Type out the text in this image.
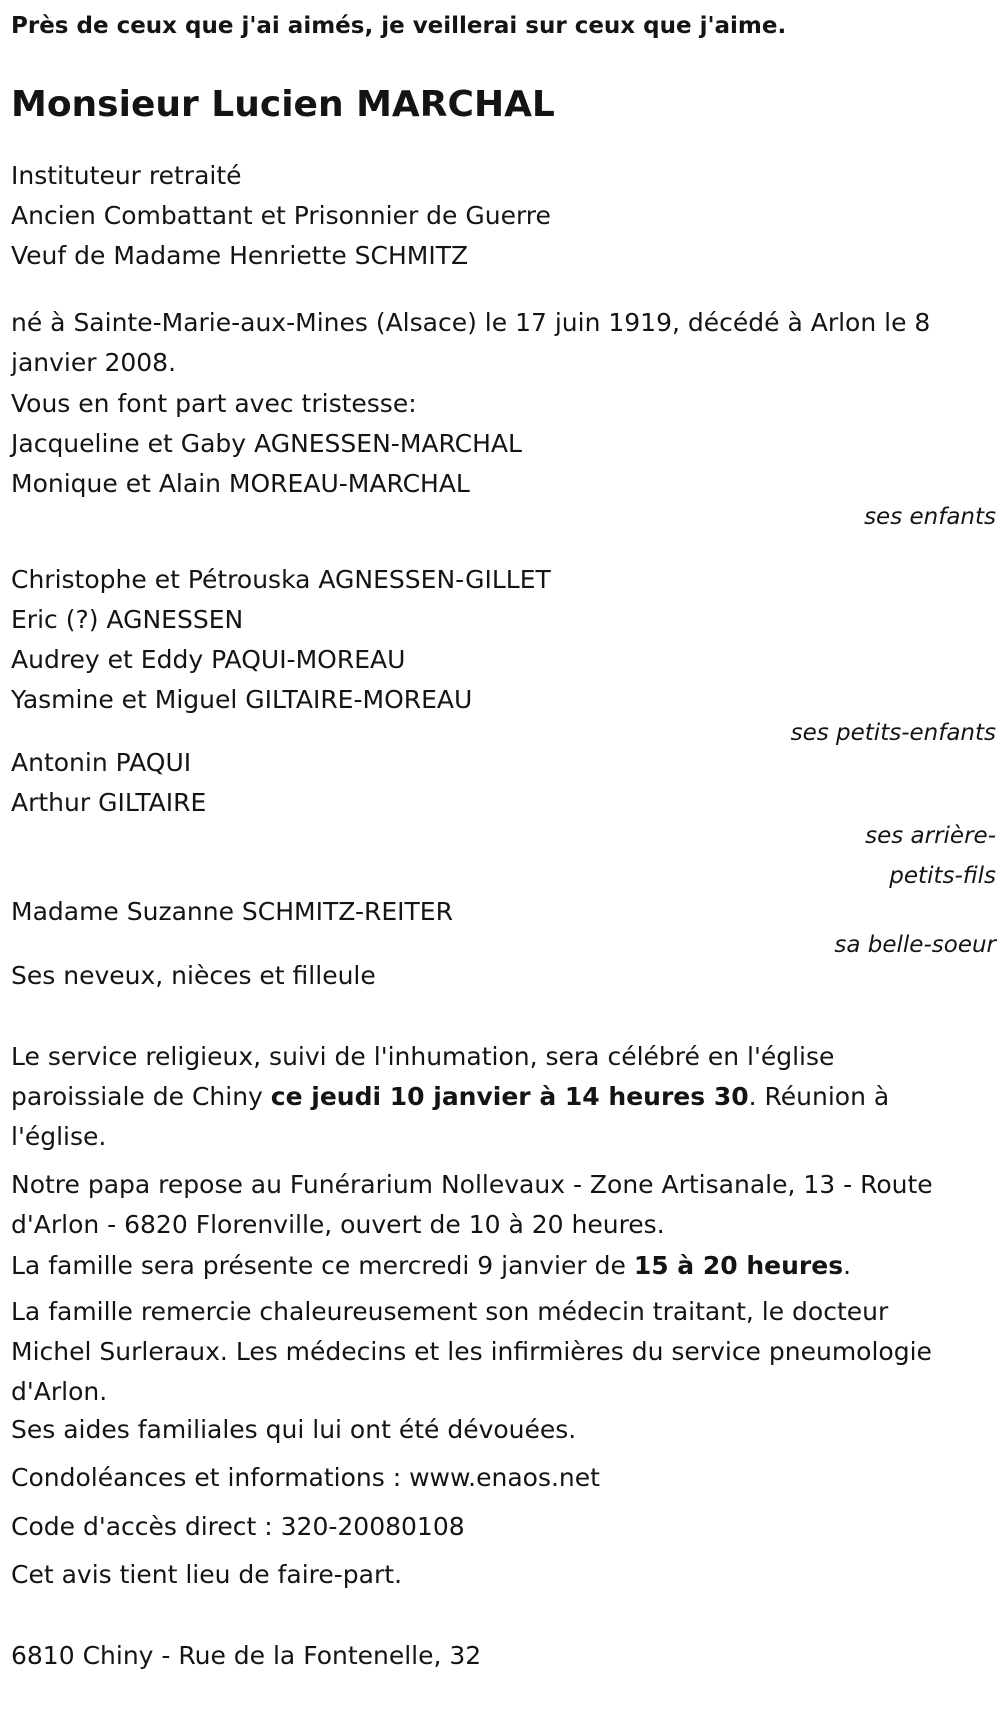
Près de ceux que j'ai aimés, je veillerai sur ceux que j'aime.
Monsieur Lucien MARCHAL
Instituteur retraité
Ancien Combattant et Prisonnier de Guerre
Veuf de Madame Henriette SCHMITZ
né à Sainte-Marie-aux-Mines (Alsace) le 17 juin 1919, décédé à Arlon le 8 janvier 2008.
Vous en font part avec tristesse:
Jacqueline et Gaby AGNESSEN-MARCHAL
Monique et Alain MOREAU-MARCHAL
ses enfants
Christophe et Pétrouska AGNESSEN-GILLET
Eric (?) AGNESSEN
Audrey et Eddy PAQUI-MOREAU
Yasmine et Miguel GILTAIRE-MOREAU
ses petits-enfants
Antonin PAQUI
Arthur GILTAIRE
ses arrière-
petits-fils
Madame Suzanne SCHMITZ-REITER
sa belle-soeur
Ses neveux, nièces et filleule
Le service religieux, suivi de l'inhumation, sera célébré en l'église paroissiale de Chiny ce jeudi 10 janvier à 14 heures 30. Réunion à l'église.
Notre papa repose au Funérarium Nollevaux - Zone Artisanale, 13 - Route d'Arlon - 6820 Florenville, ouvert de 10 à 20 heures.
La famille sera présente ce mercredi 9 janvier de 15 à 20 heures.
La famille remercie chaleureusement son médecin traitant, le docteur Michel Surleraux. Les médecins et les infirmières du service pneumologie d'Arlon.
Ses aides familiales qui lui ont été dévouées.
Condoléances et informations : www.enaos.net
Code d'accès direct : 320-20080108
Cet avis tient lieu de faire-part.
6810 Chiny - Rue de la Fontenelle, 32
